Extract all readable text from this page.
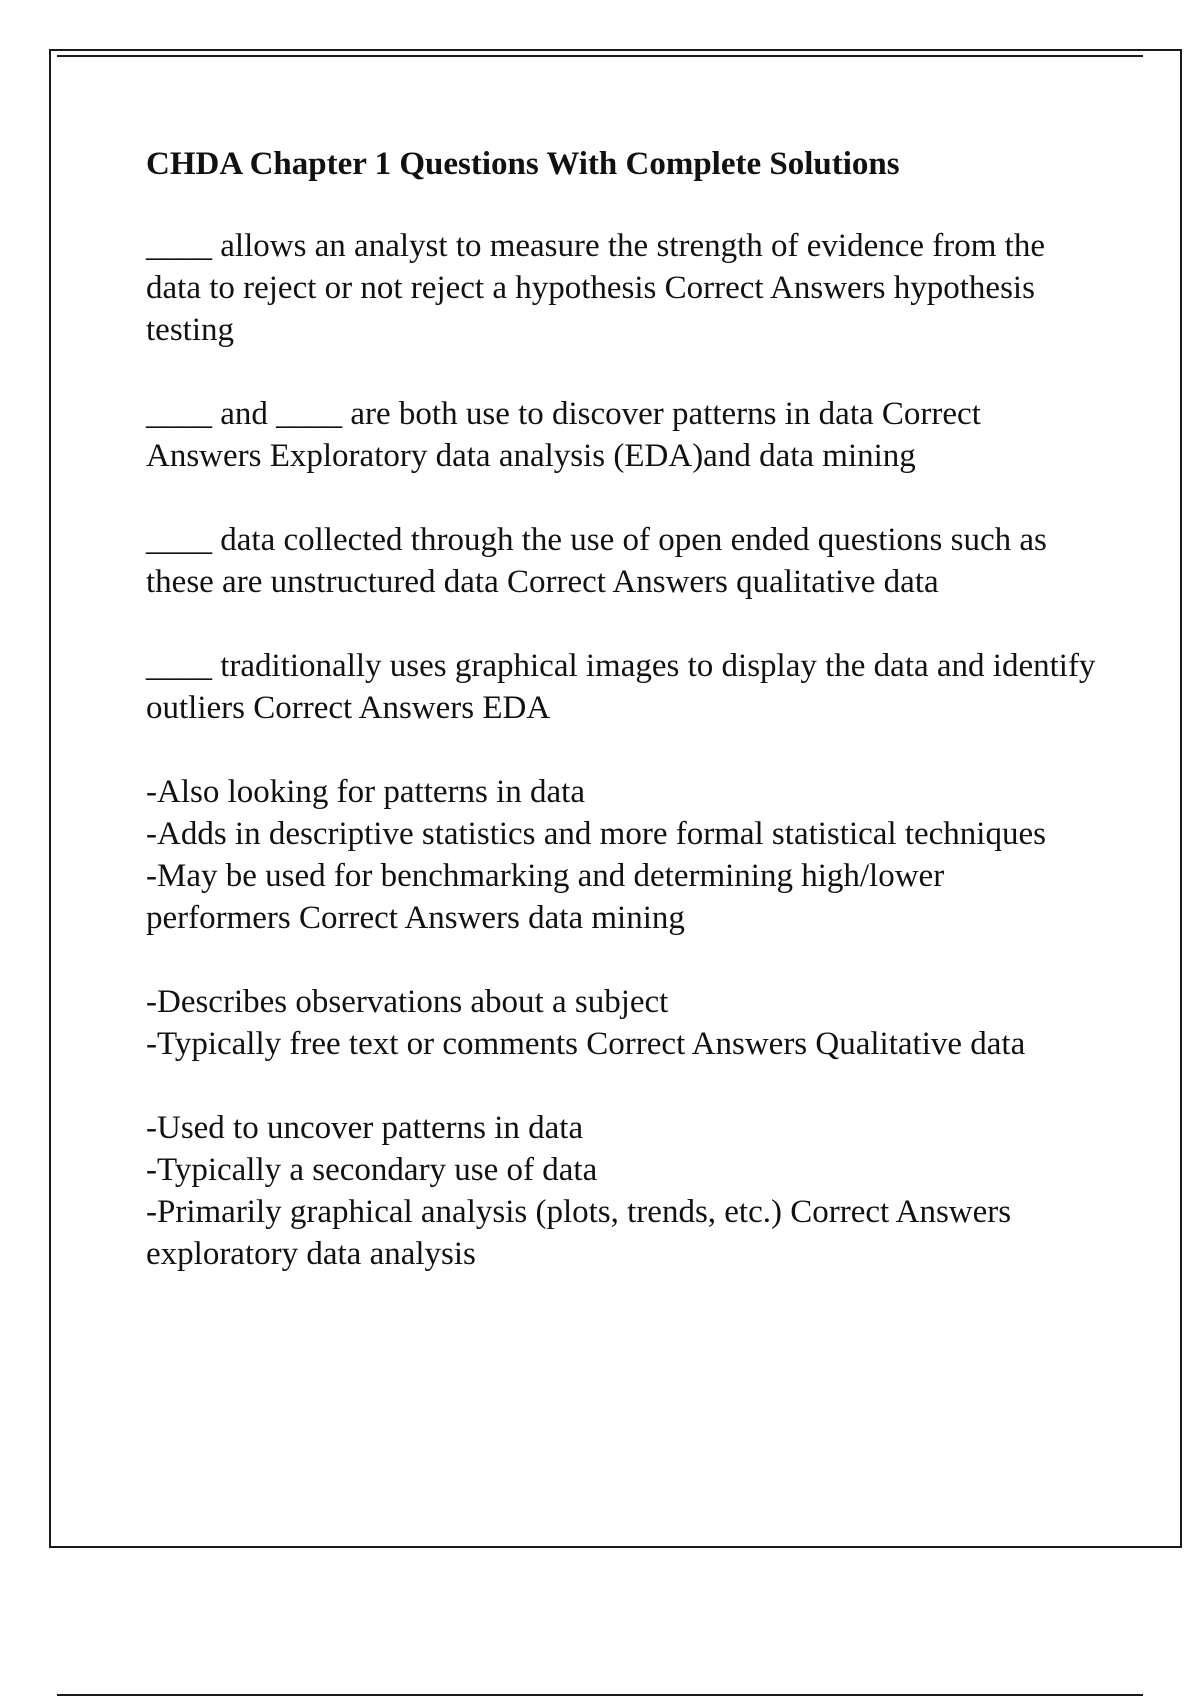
CHDA Chapter 1 Questions With Complete Solutions

____ allows an analyst to measure the strength of evidence from the data to reject or not reject a hypothesis Correct Answers hypothesis testing

____ and ____ are both use to discover patterns in data Correct Answers Exploratory data analysis (EDA)and data mining

____ data collected through the use of open ended questions such as these are unstructured data Correct Answers qualitative data

____ traditionally uses graphical images to display the data and identify outliers Correct Answers EDA

-Also looking for patterns in data
-Adds in descriptive statistics and more formal statistical techniques
-May be used for benchmarking and determining high/lower performers Correct Answers data mining

-Describes observations about a subject
-Typically free text or comments Correct Answers Qualitative data

-Used to uncover patterns in data
-Typically a secondary use of data
-Primarily graphical analysis (plots, trends, etc.) Correct Answers exploratory data analysis
